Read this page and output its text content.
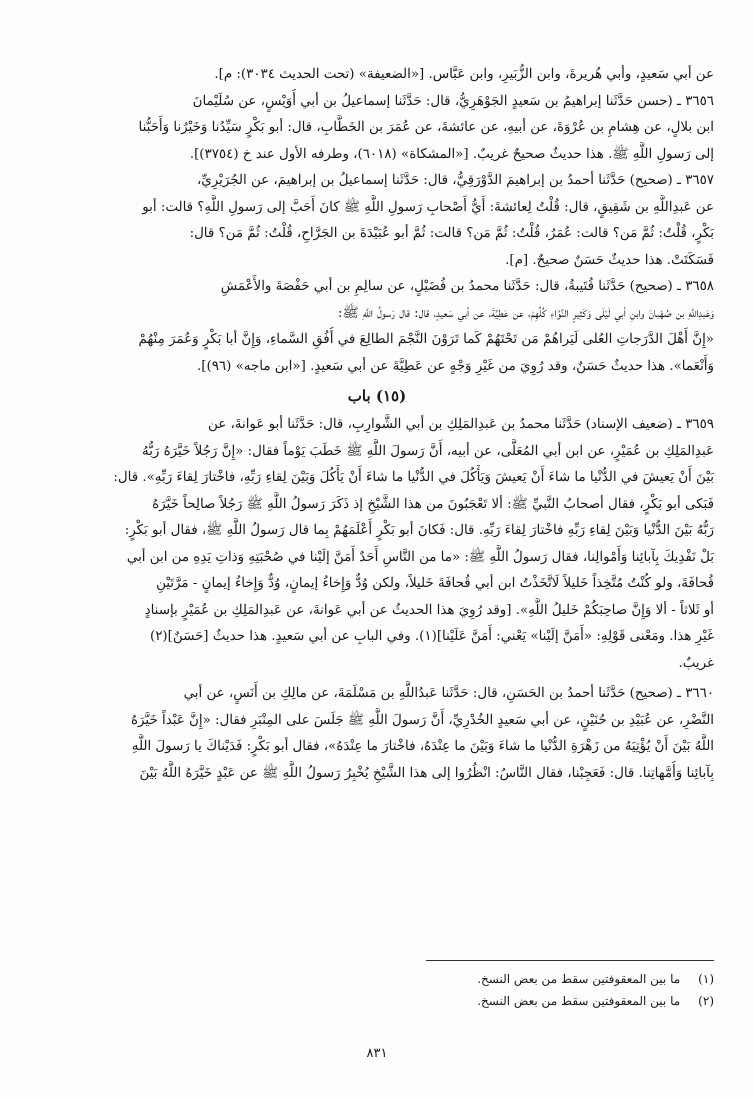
عن أبي سَعيدٍ، وأبي هُريرةَ، وابن الزُّبَيرِ، وابن عَبَّاس. [«الضعيفة» (تحت الحديث ٣٠٣٤): م].
٣٦٥٦ ـ (حسن حَدَّثَنا إبراهيمُ بن سَعيدٍ الجَوْهَرِيُّ، قال: حَدَّثَنا إسماعيلُ بن أبي أُوَيْسٍ، عن سُلَيْمانَ
ابن بلالٍ، عن هِشامِ بن عُرْوَةَ، عن أبيهِ، عن عائشةَ، عن عُمَرَ بن الخَطَّابِ، قال: أبو بَكْرٍ سَيِّدُنا وَخَيْرُنا وَأَحَبُّنا
إلى رَسولِ اللَّهِ ﷺ. هذا حديثٌ صحيحٌ غريبٌ. [«المشكاة» (٦٠١٨)، وطرفه الأول عند خ (٣٧٥٤)].
٣٦٥٧ ـ (صحيح) حَدَّثَنا أحمدُ بن إبراهيمَ الدَّوْرَقِيُّ، قال: حَدَّثَنا إسماعيلُ بن إبراهيمَ، عن الجُرَيْرِيِّ،
عن عَبدِاللَّهِ بن شَقِيقٍ، قال: قُلْتُ لِعائشةَ: أَيُّ أَصْحابِ رَسولِ اللَّهِ ﷺ كانَ أَحَبَّ إلى رَسولِ اللَّهِ؟ قالت: أبو
بَكْرٍ، قُلْتُ: ثُمَّ مَن؟ قالت: عُمَرُ، قُلْتُ: ثُمَّ مَن؟ قالت: ثُمَّ أبو عُبَيْدَةَ بن الجَرَّاحِ، قُلْتُ: ثُمَّ مَن؟ قال:
فَسَكَتَتْ. هذا حديثٌ حَسَنٌ صحيحٌ. [م].
٣٦٥٨ ـ (صحيح) حَدَّثَنا قُتَيبةُ، قال: حَدَّثَنا محمدُ بن فُضَيْلٍ، عن سالِمِ بن أبي حَفْصَةَ والأَعْمَشِ
وَعَبدِاللَّهِ بن صُهْبانَ وابنِ أبي لَيْلَى وَكَثِيرٍ النَّوَّاءِ كُلِّهِمْ، عن عَطِيَّةَ، عن أبي سَعيدٍ، قال: قال رَسولُ اللَّهِ ﷺ:
«إِنَّ أَهْلَ الدَّرَجاتِ العُلى لَيَراهُمْ مَن تَحْتَهُمْ كَما تَرَوْنَ النَّجْمَ الطالِعَ في أُفُقِ السَّماءِ، وَإِنَّ أبا بَكْرٍ وَعُمَرَ مِنْهُمْ
وَأَنْعَما». هذا حديثٌ حَسَنٌ، وقد رُوِيَ من غَيْرِ وَجْهٍ عن عَطِيَّةَ عن أبي سَعيدٍ. [«ابن ماجه» (٩٦)].
(١٥) باب
٣٦٥٩ ـ (ضعيف الإسناد) حَدَّثَنا محمدُ بن عَبدِالمَلِكِ بن أبي الشَّوارِبِ، قال: حَدَّثَنا أبو عَوانةَ، عن
عَبدِالمَلِكِ بن عُمَيْرٍ، عن ابن أبي المُعَلَّى، عن أبيه، أَنَّ رَسولَ اللَّهِ ﷺ خَطَبَ يَوْماً فقال: «إِنَّ رَجُلاً خَيَّرَهُ رَبُّهُ
بَيْنَ أَنْ يَعيشَ في الدُّنْيا ما شاءَ أَنْ يَعيشَ وَيَأْكُلَ في الدُّنْيا ما شاءَ أَنْ يَأْكُلَ وَبَيْنَ لِقاءِ رَبِّهِ، فاخْتارَ لِقاءَ رَبِّهِ». قال:
فَبَكى أبو بَكْرٍ، فقال أصحابُ النَّبيِّ ﷺ: ألا تَعْجَبُونَ من هذا الشَّيْخِ إذ ذَكَرَ رَسولُ اللَّهِ ﷺ رَجُلاً صالِحاً خَيَّرَهُ
رَبُّهُ بَيْنَ الدُّنْيا وَبَيْنَ لِقاءِ رَبِّهِ فاخْتارَ لِقاءَ رَبِّهِ. قال: فَكانَ أبو بَكْرٍ أَعْلَمَهُمْ بِما قال رَسولُ اللَّهِ ﷺ، فقال أبو بَكْرٍ:
بَلْ نَفْدِيكَ بِآبائِنا وَأَمْوالِنا، فقال رَسولُ اللَّهِ ﷺ: «ما من النَّاسِ أَحَدٌ أَمَنَّ إلَيْنا في صُحْبَتِهِ وَذاتِ يَدِهِ من ابن أبي
قُحافَةَ، ولو كُنْتُ مُتَّخِذاً خَليلاً لَاتَّخَذْتُ ابن أبي قُحافَةَ خَليلاً، ولكن وُدٌّ وَإِخاءُ إيمانٍ، وُدٌّ وَإِخاءُ إيمانٍ - مَرَّتَيْنِ
أو ثَلاثاً - ألا وَإِنَّ صاحِبَكُمْ خَليلُ اللَّهِ». [وقد رُوِيَ هذا الحديثُ عن أبي عَوانةَ، عن عَبدِالمَلِكِ بن عُمَيْرٍ بإسنادٍ
غَيْرِ هذا. ومَعْنى قَوْلِهِ: «أَمَنَّ إلَيْنا» يَعْني: أَمَنَّ عَلَيْنا](١). وفي البابِ عن أبي سَعيدٍ. هذا حديثٌ [حَسَنٌ](٢)
غريبٌ.
٣٦٦٠ ـ (صحيح) حَدَّثَنا أحمدُ بن الحَسَنِ، قال: حَدَّثَنا عَبدُاللَّهِ بن مَسْلَمَةَ، عن مالِكِ بن أَنَسٍ، عن أبي
النَّضْرِ، عن عُبَيْدِ بن حُنَيْنٍ، عن أبي سَعيدٍ الخُدْرِيِّ، أَنَّ رَسولَ اللَّهِ ﷺ جَلَسَ على المِنْبَرِ فقال: «إِنَّ عَبْداً خَيَّرَهُ
اللَّهُ بَيْنَ أَنْ يُؤْتِيَهُ من زَهْرَةِ الدُّنْيا ما شاءَ وَبَيْنَ ما عِنْدَهُ، فاخْتارَ ما عِنْدَهُ»، فقال أبو بَكْرٍ: فَدَيْناكَ يا رَسولَ اللَّهِ
بِآبائِنا وَأُمَّهاتِنا. قال: فَعَجِبْنا، فقال النَّاسُ: انْظُرُوا إلى هذا الشَّيْخِ يُخْبِرُ رَسولُ اللَّهِ ﷺ عن عَبْدٍ خَيَّرَهُ اللَّهُ بَيْنَ
(١) ما بين المعقوفتين سقط من بعض النسخ.
(٢) ما بين المعقوفتين سقط من بعض النسخ.
٨٣١
